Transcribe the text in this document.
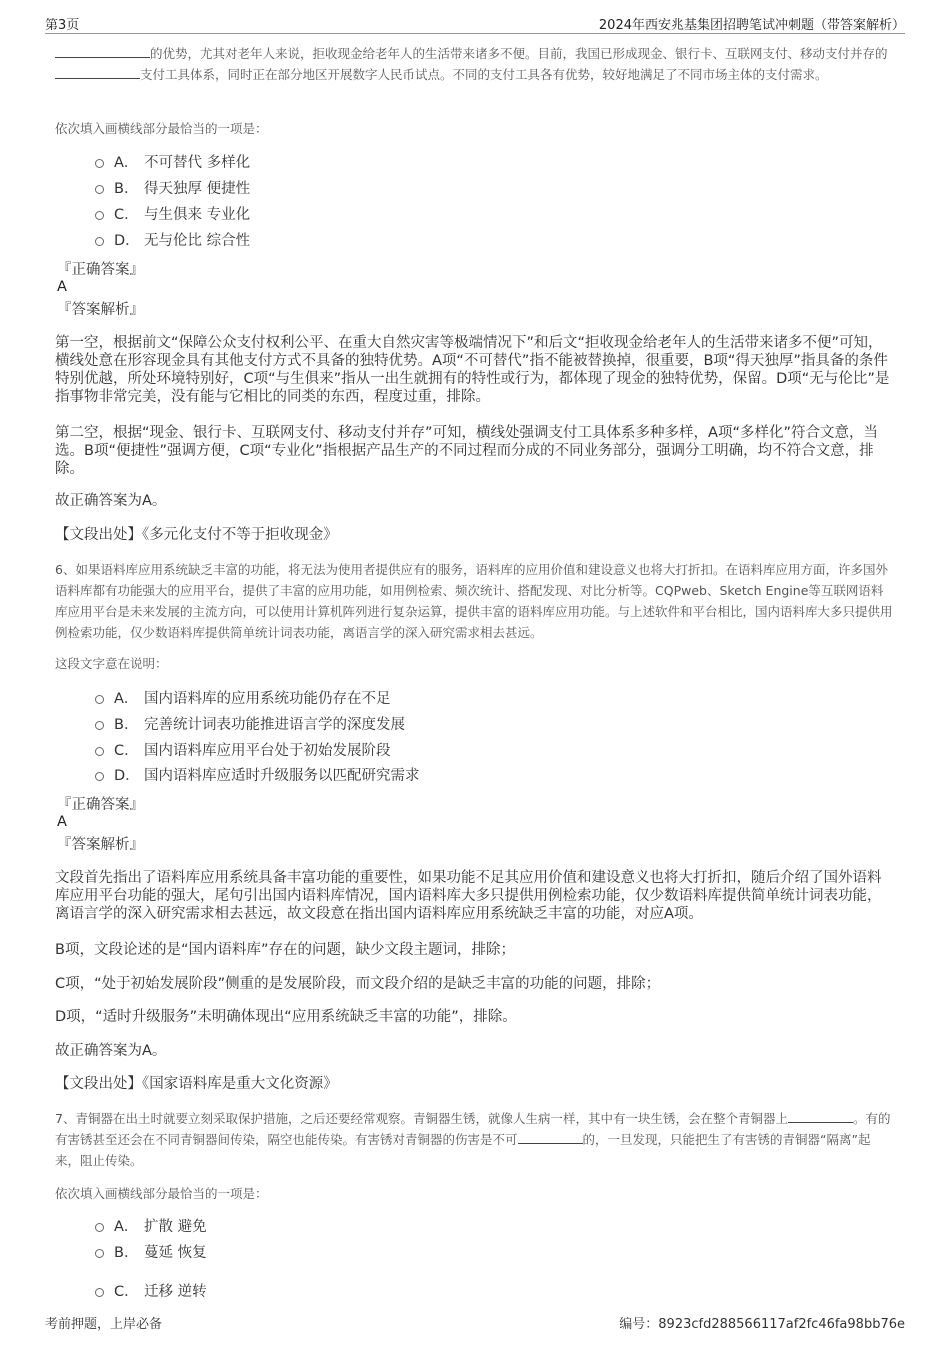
第3页	2024年西安兆基集团招聘笔试冲刺题（带答案解析）
的优势，尤其对老年人来说，拒收现金给老年人的生活带来诸多不便。目前，我国已形成现金、银行卡、互联网支付、移动支付并存的支付工具体系，同时正在部分地区开展数字人民币试点。不同的支付工具各有优势，较好地满足了不同市场主体的支付需求。
依次填入画横线部分最恰当的一项是：
A． 不可替代 多样化
B． 得天独厚 便捷性
C． 与生俱来 专业化
D． 无与伦比 综合性
『正确答案』
A
『答案解析』
第一空，根据前文“保障公众支付权利公平、在重大自然灾害等极端情况下”和后文“拒收现金给老年人的生活带来诸多不便”可知，横线处意在形容现金具有其他支付方式不具备的独特优势。A项“不可替代”指不能被替换掉，很重要，B项“得天独厚”指具备的条件特别优越，所处环境特别好，C项“与生俱来”指从一出生就拥有的特性或行为，都体现了现金的独特优势，保留。D项“无与伦比”是指事物非常完美，没有能与它相比的同类的东西，程度过重，排除。
第二空，根据“现金、银行卡、互联网支付、移动支付并存”可知，横线处强调支付工具体系多种多样，A项“多样化”符合文意，当选。B项“便捷性”强调方便，C项“专业化”指根据产品生产的不同过程而分成的不同业务部分，强调分工明确，均不符合文意，排除。
故正确答案为A。
【文段出处】《多元化支付不等于拒收现金》
6、如果语料库应用系统缺乏丰富的功能，将无法为使用者提供应有的服务，语料库的应用价值和建设意义也将大打折扣。在语料库应用方面，许多国外语料库都有功能强大的应用平台，提供了丰富的应用功能，如用例检索、频次统计、搭配发现、对比分析等。CQPweb、Sketch Engine等互联网语料库应用平台是未来发展的主流方向，可以使用计算机阵列进行复杂运算，提供丰富的语料库应用功能。与上述软件和平台相比，国内语料库大多只提供用例检索功能，仅少数语料库提供简单统计词表功能，离语言学的深入研究需求相去甚远。
这段文字意在说明：
A． 国内语料库的应用系统功能仍存在不足
B． 完善统计词表功能推进语言学的深度发展
C． 国内语料库应用平台处于初始发展阶段
D． 国内语料库应适时升级服务以匹配研究需求
『正确答案』
A
『答案解析』
文段首先指出了语料库应用系统具备丰富功能的重要性，如果功能不足其应用价值和建设意义也将大打折扣，随后介绍了国外语料库应用平台功能的强大，尾句引出国内语料库情况，国内语料库大多只提供用例检索功能，仅少数语料库提供简单统计词表功能，离语言学的深入研究需求相去甚远，故文段意在指出国内语料库应用系统缺乏丰富的功能，对应A项。
B项，文段论述的是“国内语料库”存在的问题，缺少文段主题词，排除；
C项，“处于初始发展阶段”侧重的是发展阶段，而文段介绍的是缺乏丰富的功能的问题，排除；
D项，“适时升级服务”未明确体现出“应用系统缺乏丰富的功能”，排除。
故正确答案为A。
【文段出处】《国家语料库是重大文化资源》
7、青铜器在出土时就要立刻采取保护措施，之后还要经常观察。青铜器生锈，就像人生病一样，其中有一块生锈，会在整个青铜器上	。有的有害锈甚至还会在不同青铜器间传染，隔空也能传染。有害锈对青铜器的伤害是不可	的，一旦发现，只能把生了有害锈的青铜器“隔离”起来，阻止传染。
依次填入画横线部分最恰当的一项是：
A． 扩散 避免
B． 蔓延 恢复
C． 迁移 逆转
考前押题，上岸必备	编号：8923cfd288566117af2fc46fa98bb76e
